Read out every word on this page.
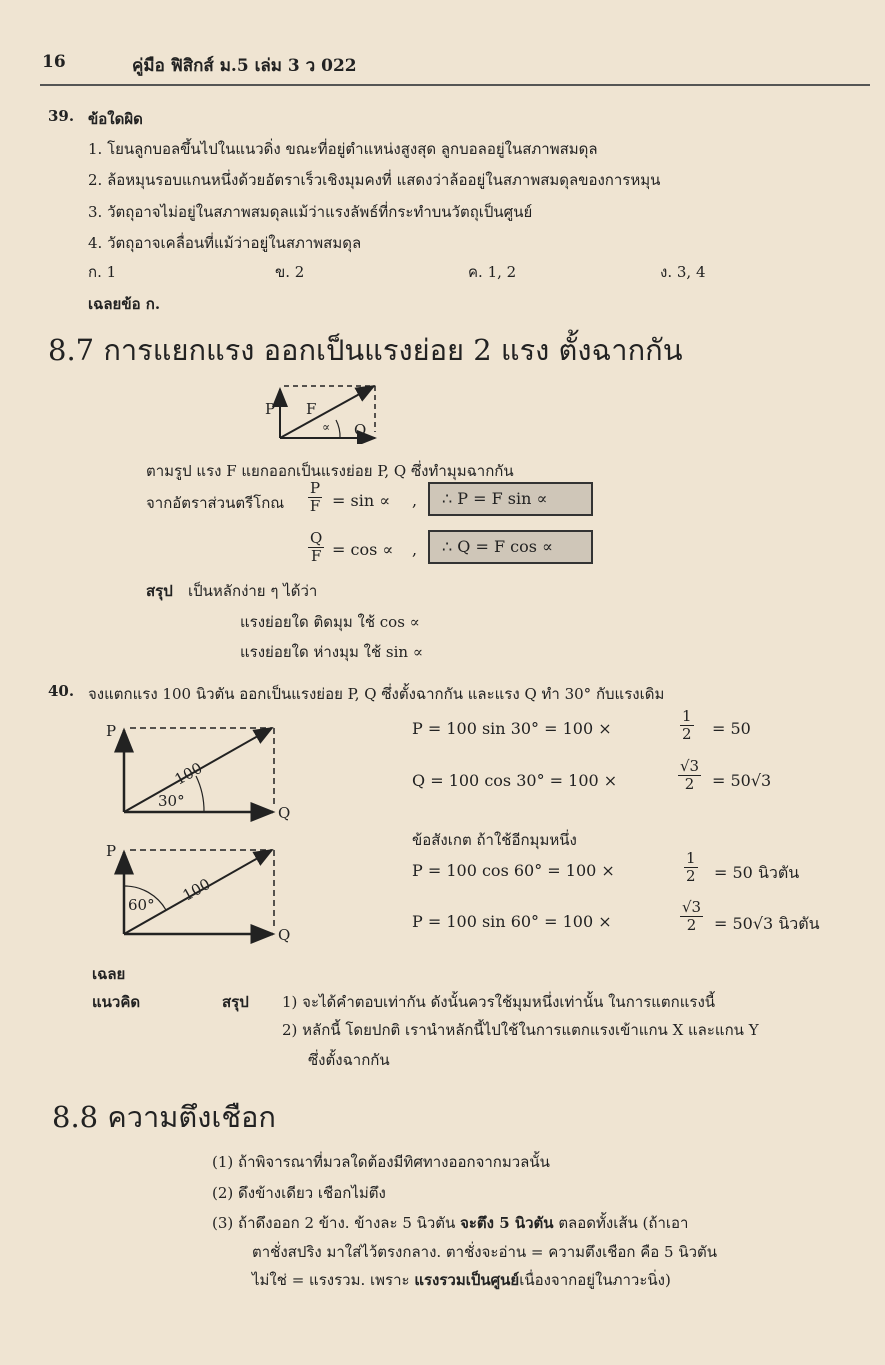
16	คู่มือ ฟิสิกส์ ม.5 เล่ม 3 ว 022
39. ข้อใดผิด
1. โยนลูกบอลขึ้นไปในแนวดิ่ง ขณะที่อยู่ตำแหน่งสูงสุด ลูกบอลอยู่ในสภาพสมดุล
2. ล้อหมุนรอบแกนหนึ่งด้วยอัตราเร็วเชิงมุมคงที่ แสดงว่าล้ออยู่ในสภาพสมดุลของการหมุน
3. วัตถุอาจไม่อยู่ในสภาพสมดุลแม้ว่าแรงลัพธ์ที่กระทำบนวัตถุเป็นศูนย์
4. วัตถุอาจเคลื่อนที่แม้ว่าอยู่ในสภาพสมดุล
ก. 1	ข. 2	ค. 1, 2	ง. 3, 4
เฉลยข้อ ก.
8.7 การแยกแรง ออกเป็นแรงย่อย 2 แรง ตั้งฉากกัน
P F
∝ Q
ตามรูป แรง F แยกออกเป็นแรงย่อย P, Q ซึ่งทำมุมฉากกัน
จากอัตราส่วนตรีโกณ $\frac{P}{F} = \sin$ ∝ ,	∴ P = F sin ∝
$\frac{Q}{F} = \cos$ ∝ ,	∴ Q = F cos ∝
สรุป เป็นหลักง่าย ๆ ได้ว่า
แรงย่อยใด ติดมุม ใช้ cos ∝
แรงย่อยใด ห่างมุม ใช้ sin ∝
40. จงแตกแรง 100 นิวตัน ออกเป็นแรงย่อย P, Q ซึ่งตั้งฉากกัน และแรง Q ทำ 30° กับแรงเดิม
P
Q
100
30°
P
Q
100
60°
P = 100 sin 30° = 100 ×	$\frac{1}{2} = 50$
Q = 100 cos 30° = 100 ×	$\frac{√3}{2} = 50√3$
ข้อสังเกต ถ้าใช้อีกมุมหนึ่ง
P = 100 cos 60° = 100 ×	$\frac{1}{2} = 50$ นิวตัน
P = 100 sin 60° = 100 ×	$\frac{√3}{2} = 50√3$ นิวตัน
เฉลย
แนวคิด	สรุป 1) จะได้คำตอบเท่ากัน ดังนั้นควรใช้มุมหนึ่งเท่านั้น ในการแตกแรงนี้
2) หลักนี้ โดยปกติ เรานำหลักนี้ไปใช้ในการแตกแรงเข้าแกน X และแกน Y
ซึ่งตั้งฉากกัน
8.8 ความตึงเชือก
(1) ถ้าพิจารณาที่มวลใดต้องมีทิศทางออกจากมวลนั้น
(2) ดึงข้างเดียว เชือกไม่ตึง
(3) ถ้าดึงออก 2 ข้าง. ข้างละ 5 นิวตัน จะตึง 5 นิวตัน ตลอดทั้งเส้น (ถ้าเอา
ตาชั่งสปริง มาใส่ไว้ตรงกลาง. ตาชั่งจะอ่าน = ความตึงเชือก คือ 5 นิวตัน
ไม่ใช่ = แรงรวม. เพราะ แรงรวมเป็นศูนย์เนื่องจากอยู่ในภาวะนิ่ง)
